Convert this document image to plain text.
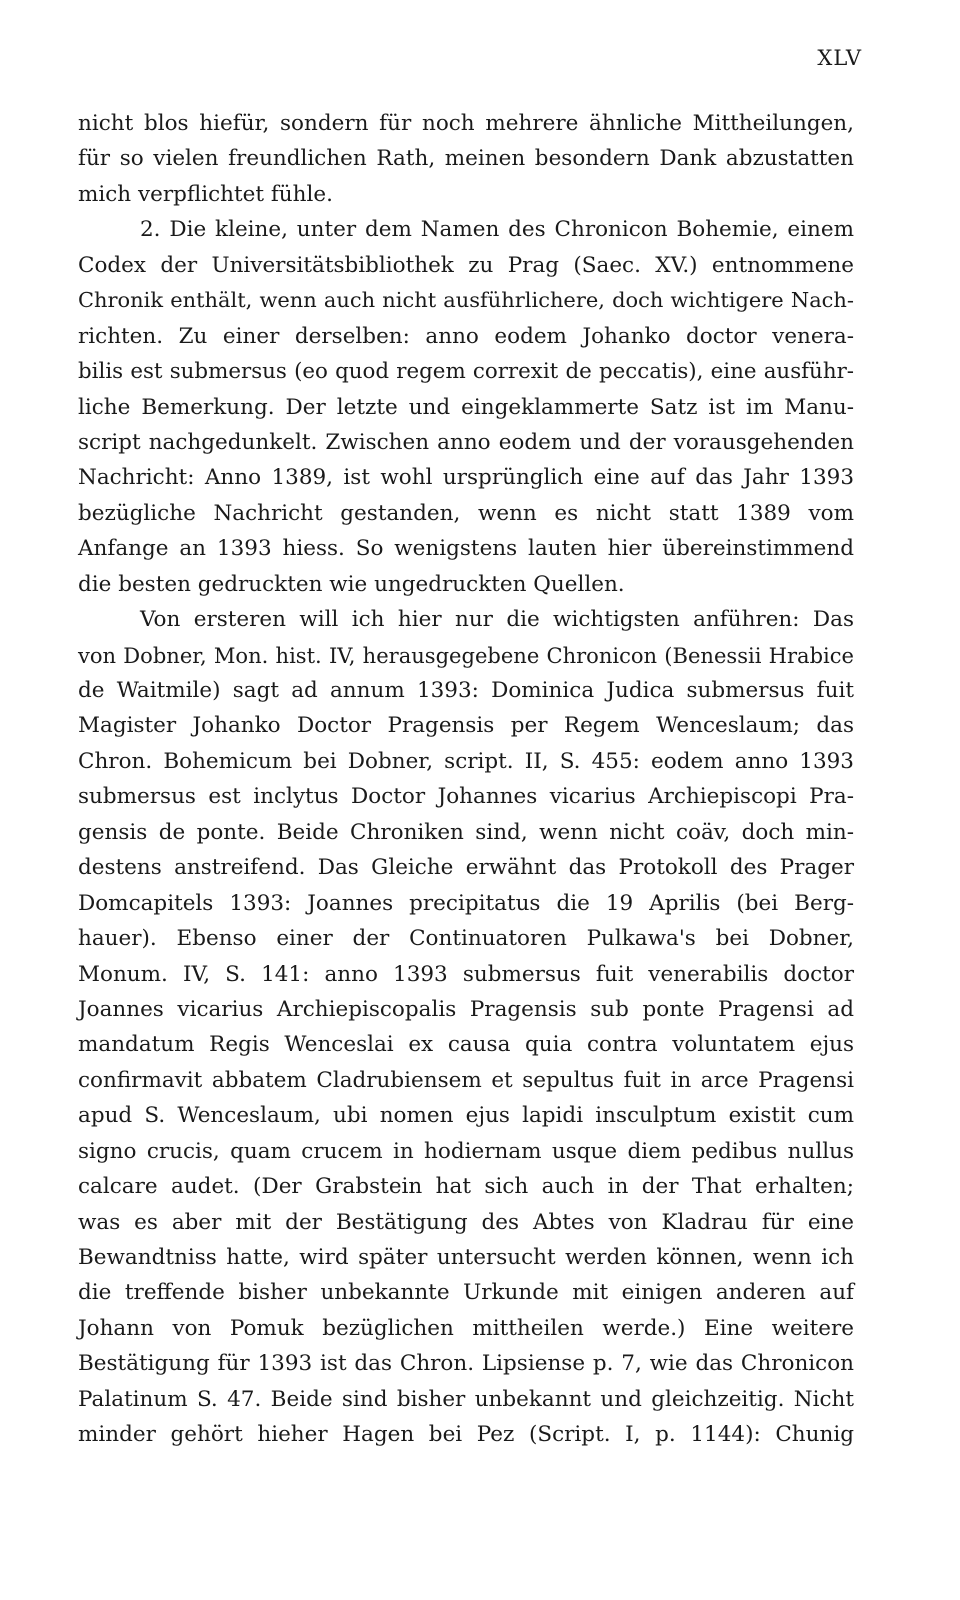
XLV
nicht blos hiefür, sondern für noch mehrere ähnliche Mittheilungen,
für so vielen freundlichen Rath, meinen besondern Dank abzustatten
mich verpflichtet fühle.
2. Die kleine, unter dem Namen des Chronicon Bohemie, einem
Codex der Universitätsbibliothek zu Prag (Saec. XV.) entnommene
Chronik enthält, wenn auch nicht ausführlichere, doch wichtigere Nach-
richten. Zu einer derselben: anno eodem Johanko doctor venera-
bilis est submersus (eo quod regem correxit de peccatis), eine ausführ-
liche Bemerkung. Der letzte und eingeklammerte Satz ist im Manu-
script nachgedunkelt. Zwischen anno eodem und der vorausgehenden
Nachricht: Anno 1389, ist wohl ursprünglich eine auf das Jahr 1393
bezügliche Nachricht gestanden, wenn es nicht statt 1389 vom
Anfange an 1393 hiess. So wenigstens lauten hier übereinstimmend
die besten gedruckten wie ungedruckten Quellen.
Von ersteren will ich hier nur die wichtigsten anführen: Das
von Dobner, Mon. hist. IV, herausgegebene Chronicon (Benessii Hrabice
de Waitmile) sagt ad annum 1393: Dominica Judica submersus fuit
Magister Johanko Doctor Pragensis per Regem Wenceslaum; das
Chron. Bohemicum bei Dobner, script. II, S. 455: eodem anno 1393
submersus est inclytus Doctor Johannes vicarius Archiepiscopi Pra-
gensis de ponte. Beide Chroniken sind, wenn nicht coäv, doch min-
destens anstreifend. Das Gleiche erwähnt das Protokoll des Prager
Domcapitels 1393: Joannes precipitatus die 19 Aprilis (bei Berg-
hauer). Ebenso einer der Continuatoren Pulkawa's bei Dobner,
Monum. IV, S. 141: anno 1393 submersus fuit venerabilis doctor
Joannes vicarius Archiepiscopalis Pragensis sub ponte Pragensi ad
mandatum Regis Wenceslai ex causa quia contra voluntatem ejus
confirmavit abbatem Cladrubiensem et sepultus fuit in arce Pragensi
apud S. Wenceslaum, ubi nomen ejus lapidi insculptum existit cum
signo crucis, quam crucem in hodiernam usque diem pedibus nullus
calcare audet. (Der Grabstein hat sich auch in der That erhalten;
was es aber mit der Bestätigung des Abtes von Kladrau für eine
Bewandtniss hatte, wird später untersucht werden können, wenn ich
die treffende bisher unbekannte Urkunde mit einigen anderen auf
Johann von Pomuk bezüglichen mittheilen werde.) Eine weitere
Bestätigung für 1393 ist das Chron. Lipsiense p. 7, wie das Chronicon
Palatinum S. 47. Beide sind bisher unbekannt und gleichzeitig. Nicht
minder gehört hieher Hagen bei Pez (Script. I, p. 1144): Chunig
